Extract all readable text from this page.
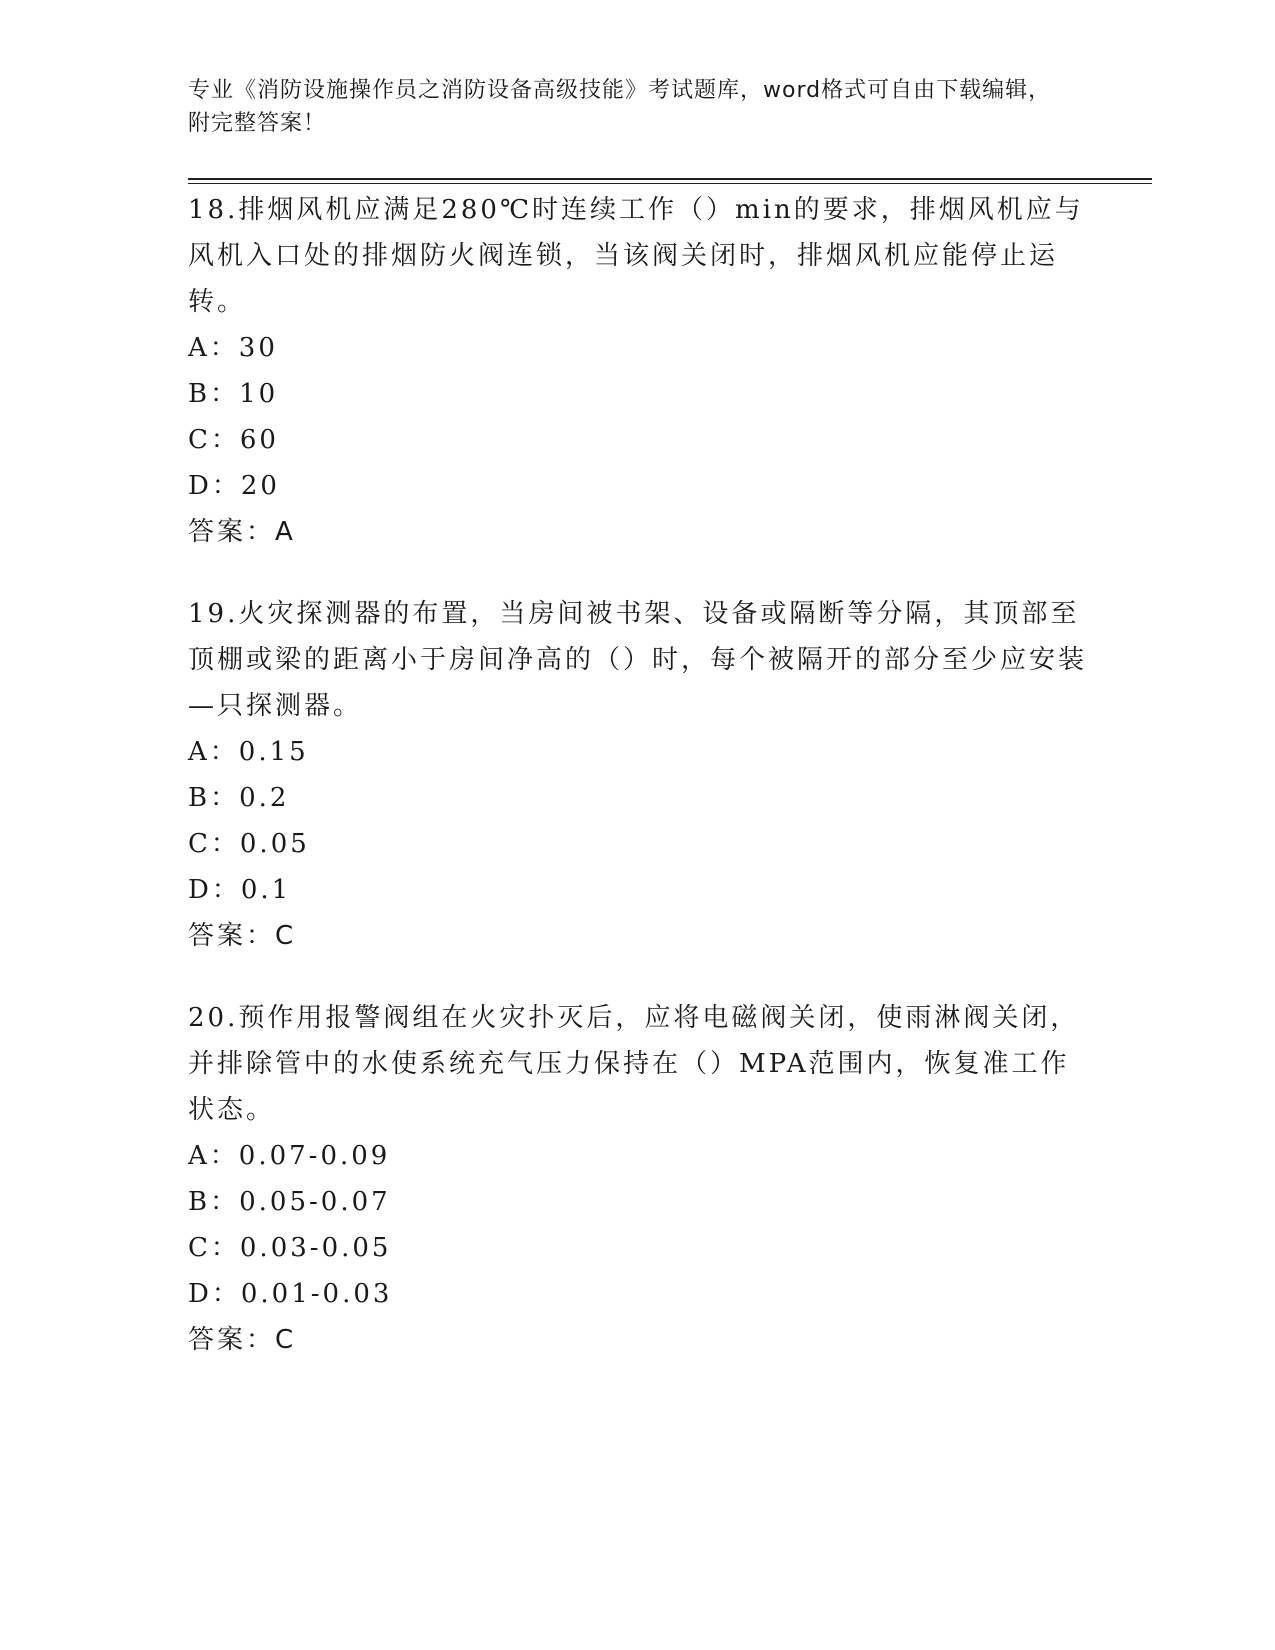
专业《消防设施操作员之消防设备高级技能》考试题库，word格式可自由下载编辑，附完整答案！
18.排烟风机应满足280℃时连续工作（）min的要求，排烟风机应与风机入口处的排烟防火阀连锁，当该阀关闭时，排烟风机应能停止运转。
A：30
B：10
C：60
D：20
答案：A
19.火灾探测器的布置，当房间被书架、设备或隔断等分隔，其顶部至顶棚或梁的距离小于房间净高的（）时，每个被隔开的部分至少应安装—只探测器。
A：0.15
B：0.2
C：0.05
D：0.1
答案：C
20.预作用报警阀组在火灾扑灭后，应将电磁阀关闭，使雨淋阀关闭，并排除管中的水使系统充气压力保持在（）MPA范围内，恢复准工作状态。
A：0.07-0.09
B：0.05-0.07
C：0.03-0.05
D：0.01-0.03
答案：C
